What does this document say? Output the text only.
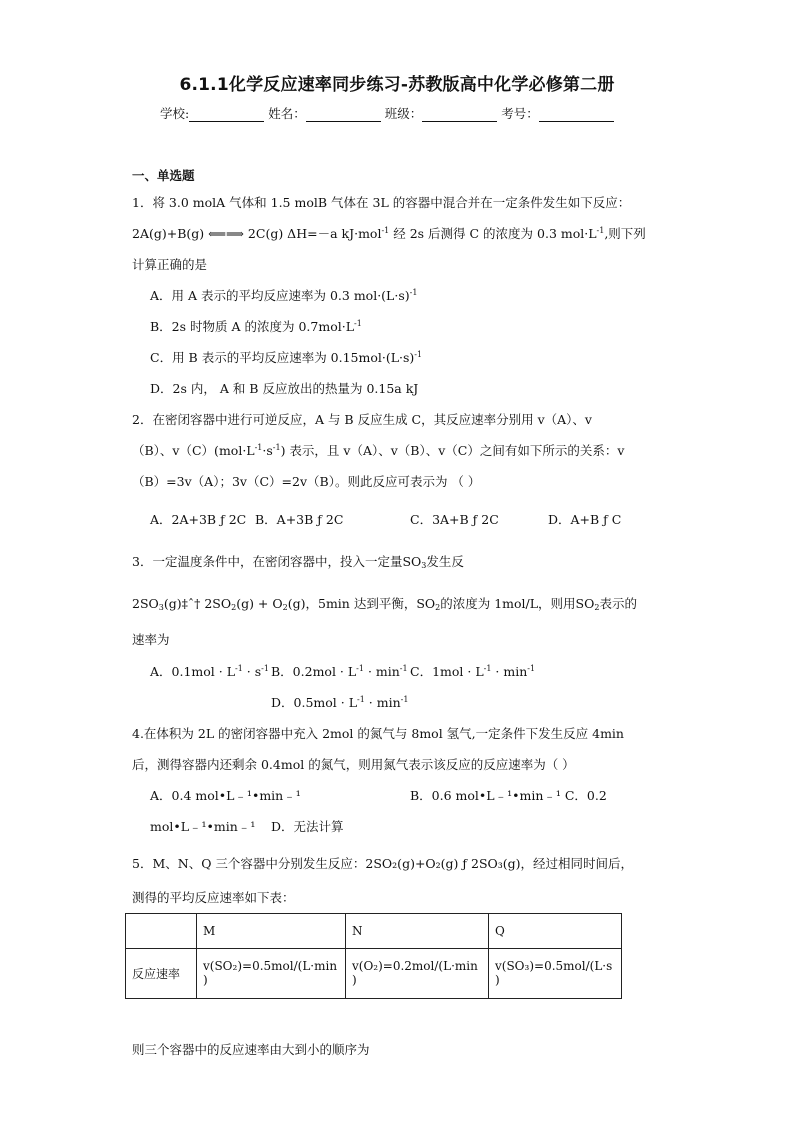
6.1.1化学反应速率同步练习-苏教版高中化学必修第二册
学校:	姓名：	班级：	考号：
一、单选题
1．将 3.0 molA 气体和 1.5 molB 气体在 3L 的容器中混合并在一定条件发生如下反应：
2A(g)+B(g) ⟸⟹ 2C(g) ΔH=－a kJ·mol$^{-1}$ 经 2s 后测得 C 的浓度为 0.3 $mol\cdot L^{-1}$,则下列
计算正确的是
A．用 A 表示的平均反应速率为 0.3 $mol\cdot(L\cdot s)^{-1}$
B．2s 时物质 A 的浓度为 $0.7mol\cdot L^{-1}$
C．用 B 表示的平均反应速率为 $0.15mol\cdot(L\cdot s)^{-1}$
D．2s 内， A 和 B 反应放出的热量为 0.15a kJ
2．在密闭容器中进行可逆反应，A 与 B 反应生成 C，其反应速率分别用 v（A）、v
（B）、$v(C)(mol\cdot L^{-1}\cdot s^{-1})$ 表示，且 v（A）、v（B）、v（C）之间有如下所示的关系：v
（B）=3v（A）；3v（C）=2v（B）。则此反应可表示为 （ ）
A．2A+3B ƒ 2C B．A+3B ƒ 2C	C．3A+B ƒ 2C	D．A+B ƒ C
3．一定温度条件中，在密闭容器中，投入一定量$SO_3$发生反
$2SO_3(g)\ddagger ˆ\dagger$ $2SO_2(g) + O_2(g)$，5min 达到平衡，$SO_2$的浓度为 1mol/L，则用$SO_2$表示的
速率为
A．$0.1mol \cdot L^{-1} \cdot s^{-1}$ B．$0.2mol \cdot L^{-1} \cdot \min^{-1} C$．$1mol \cdot L^{-1} \cdot \min^{-1}$
D．$0.5mol \cdot L^{-1} \cdot \min^{-1}$
4.在体积为 2L 的密闭容器中充入 2mol 的氮气与 8mol 氢气,一定条件下发生反应 4min
后，测得容器内还剩余 0.4mol 的氮气，则用氮气表示该反应的反应速率为（ ）
A．0.4 mol•L﹣¹•min﹣¹	B．0.6 mol•L﹣¹•min﹣¹ C．0.2
mol•L﹣¹•min﹣¹ D．无法计算
5．M、N、Q 三个容器中分别发生反应：2SO₂(g)+O₂(g) ƒ 2SO₃(g)，经过相同时间后，
测得的平均反应速率如下表：
	M	N	Q
反应速率	v(SO₂)=0.5mol/(L·min
)	v(O₂)=0.2mol/(L·min
)	v(SO₃)=0.5mol/(L·s
)
则三个容器中的反应速率由大到小的顺序为
